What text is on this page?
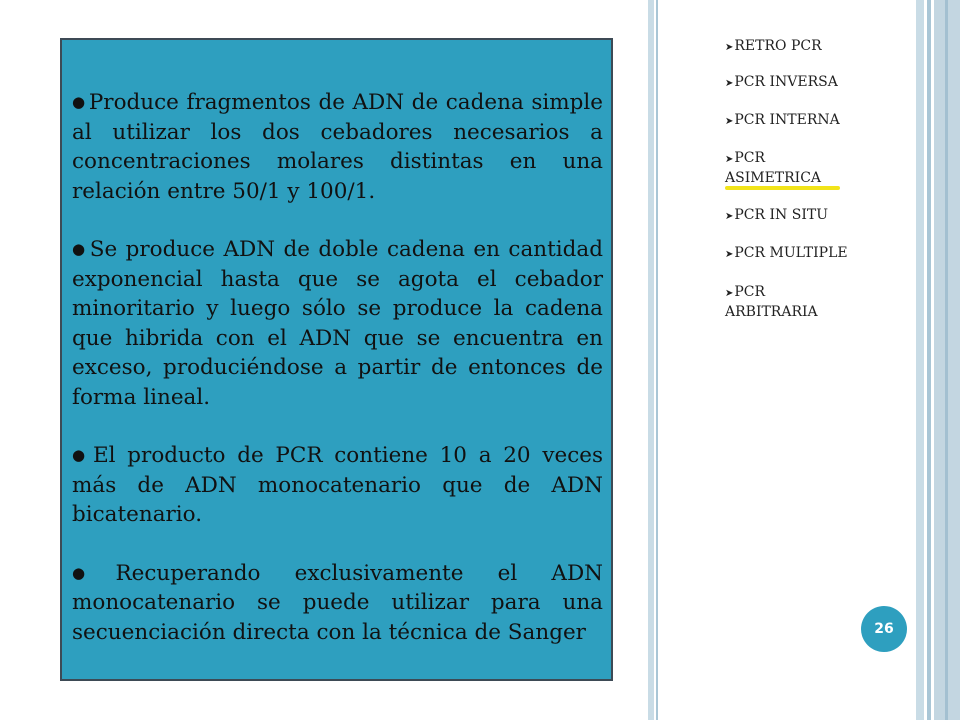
● Produce fragmentos de ADN de cadena simple al utilizar los dos cebadores necesarios a concentraciones molares distintas en una relación entre 50/1 y 100/1.
● Se produce ADN de doble cadena en cantidad exponencial hasta que se agota el cebador minoritario y luego sólo se produce la cadena que hibrida con el ADN que se encuentra en exceso, produciéndose a partir de entonces de forma lineal.
● El producto de PCR contiene 10 a 20 veces más de ADN monocatenario que de ADN bicatenario.
● Recuperando exclusivamente el ADN monocatenario se puede utilizar para una secuenciación directa con la técnica de Sanger
➤RETRO PCR
➤PCR INVERSA
➤PCR INTERNA
➤PCR
ASIMETRICA
➤PCR IN SITU
➤PCR MULTIPLE
➤PCR
ARBITRARIA
26
